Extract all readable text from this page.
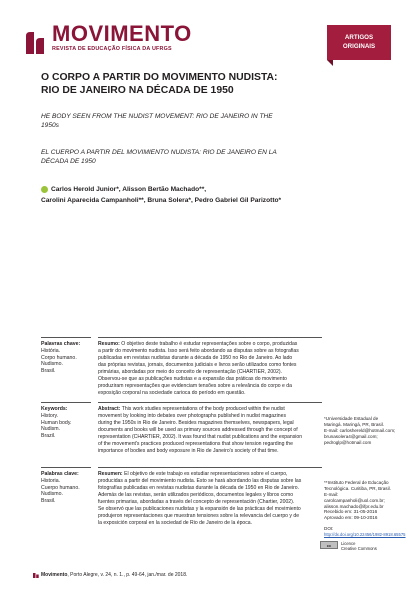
MOVIMENTO
REVISTA DE EDUCAÇÃO FÍSICA DA UFRGS
ARTIGOS
ORIGINAIS
O CORPO A PARTIR DO MOVIMENTO NUDISTA:
RIO DE JANEIRO NA DÉCADA DE 1950
HE BODY SEEN FROM THE NUDIST MOVEMENT: RIO DE JANEIRO IN THE
1950s
EL CUERPO A PARTIR DEL MOVIMIENTO NUDISTA: RIO DE JANEIRO EN LA
DÉCADA DE 1950
Carlos Herold Junior*, Alisson Bertão Machado**,
Carolini Aparecida Campanholi**, Bruna Solera*, Pedro Gabriel Gil Parizotto*
Palavras chave:
História.
Corpo humano.
Nudismo.
Brasil.
Resumo: O objetivo deste trabalho é estudar representações sobre o corpo, produzidas
a partir do movimento nudista. Isso será feito abordando as disputas sobre as fotografias
publicadas em revistas nudistas durante a década de 1950 no Rio de Janeiro. Ao lado
das próprias revistas, jornais, documentos judiciais e livros serão utilizados como fontes
primárias, abordadas por meio do conceito de representação (CHARTIER, 2002).
Observou-se que as publicações nudistas e a expansão das práticas do movimento
produziram representações que evidenciam tensões sobre a relevância do corpo e da
exposição corporal na sociedade carioca do período em questão.
Keywords:
History.
Human body.
Nudism.
Brazil.
Abstract: This work studies representations of the body produced within the nudist
movement by looking into debates over photographs published in nudist magazines
during the 1950s in Rio de Janeiro. Besides magazines themselves, newspapers, legal
documents and books will be used as primary sources addressed through the concept of
representation (CHARTIER, 2002). It was found that nudist publications and the expansion
of the movement's practices produced representations that show tension regarding the
importance of bodies and body exposure in Rio de Janeiro's society of that time.
Palabras clave:
Historia.
Cuerpo humano.
Nudismo.
Brasil.
Resumen: El objetivo de este trabajo es estudiar representaciones sobre el cuerpo,
producidas a partir del movimiento nudista. Esto se hará abordando las disputas sobre las
fotografías publicadas en revistas nudistas durante la década de 1950 en Rio de Janeiro.
Además de las revistas, serán utilizados periódicos, documentos legales y libros como
fuentes primarias, abordadas a través del concepto de representación (Chartier, 2002).
Se observó que las publicaciones nudistas y la expansión de las prácticas del movimiento
produjeron representaciones que muestran tensiones sobre la relevancia del cuerpo y de
la exposición corporal en la sociedad de Rio de Janeiro de la época.
*Universidade Estadual de
Maringá. Maringá, PR, Brasil.
E-mail: carloshereld@hotmail.com;
brunasolera4@gmail.com;
pedroglp@hotmail.com
**Instituto Federal de Educação
Tecnológica. Curitiba, PR, Brasil.
E-mail: carolcampanholi@uol.com.br;
alisson.machado@ifpr.edu.br
Recebido em: 31-05-2016
Aprovado em: 09-10-2016
DOI:
http://dx.doi.org/10.22456/1982-8918.65575
cc	Licence
Creative Commons
Movimento, Porto Alegre, v. 24, n. 1., p. 49-64, jan./mar. de 2018.
